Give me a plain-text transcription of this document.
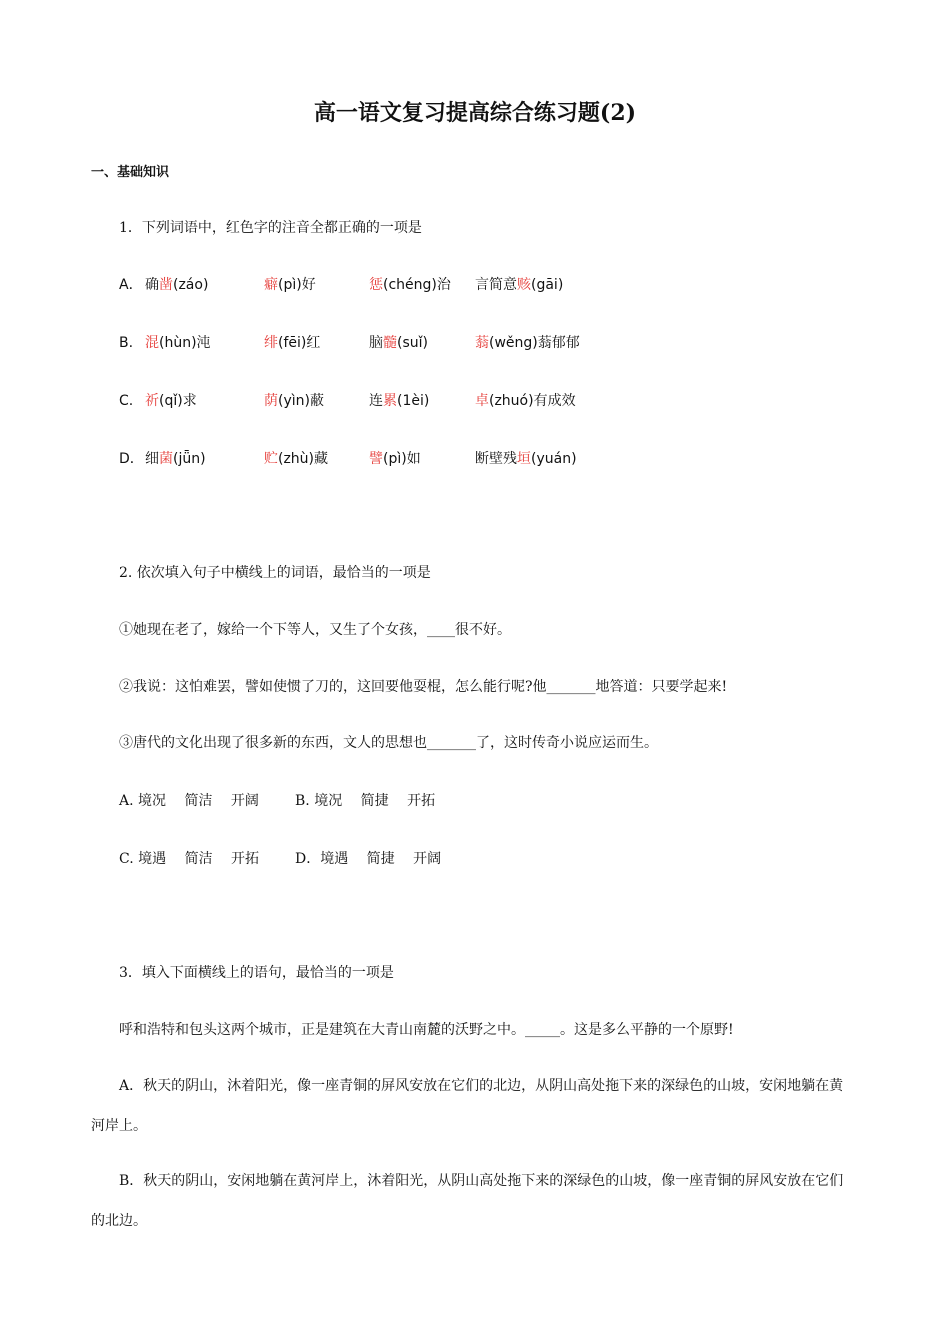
高一语文复习提高综合练习题(2)
一、基础知识
1．下列词语中，红色字的注音全都正确的一项是
A． 确凿(záo)	癖(pì)好	惩(chéng)治 言简意赅(gāi)
B. 混(hùn)沌	绯(fēi)红	脑髓(suǐ)	蓊(wěng)蓊郁郁
C. 祈(qǐ)求	荫(yìn)蔽	连累(1èi)	卓(zhuó)有成效
D． 细菌(jǖn)	贮(zhù)藏	譬(pì)如	断壁残垣(yuán)
2. 依次填入句子中横线上的词语，最恰当的一项是
①她现在老了，嫁给一个下等人，又生了个女孩，____很不好。
②我说：这怕难罢，譬如使惯了刀的，这回要他耍棍，怎么能行呢?他_______地答道：只要学起来!
③唐代的文化出现了很多新的东西，文人的思想也_______了，这时传奇小说应运而生。
A. 境况　 简洁　 开阔	B. 境况　 简捷　 开拓
C. 境遇　 简洁　 开拓	D．境遇　 简捷　 开阔
3．填入下面横线上的语句，最恰当的一项是
呼和浩特和包头这两个城市，正是建筑在大青山南麓的沃野之中。_____。这是多么平静的一个原野!
A．秋天的阴山，沐着阳光，像一座青铜的屏风安放在它们的北边，从阴山高处拖下来的深绿色的山坡，安闲地躺在黄河岸上。
B．秋天的阴山，安闲地躺在黄河岸上，沐着阳光，从阴山高处拖下来的深绿色的山坡，像一座青铜的屏风安放在它们的北边。
